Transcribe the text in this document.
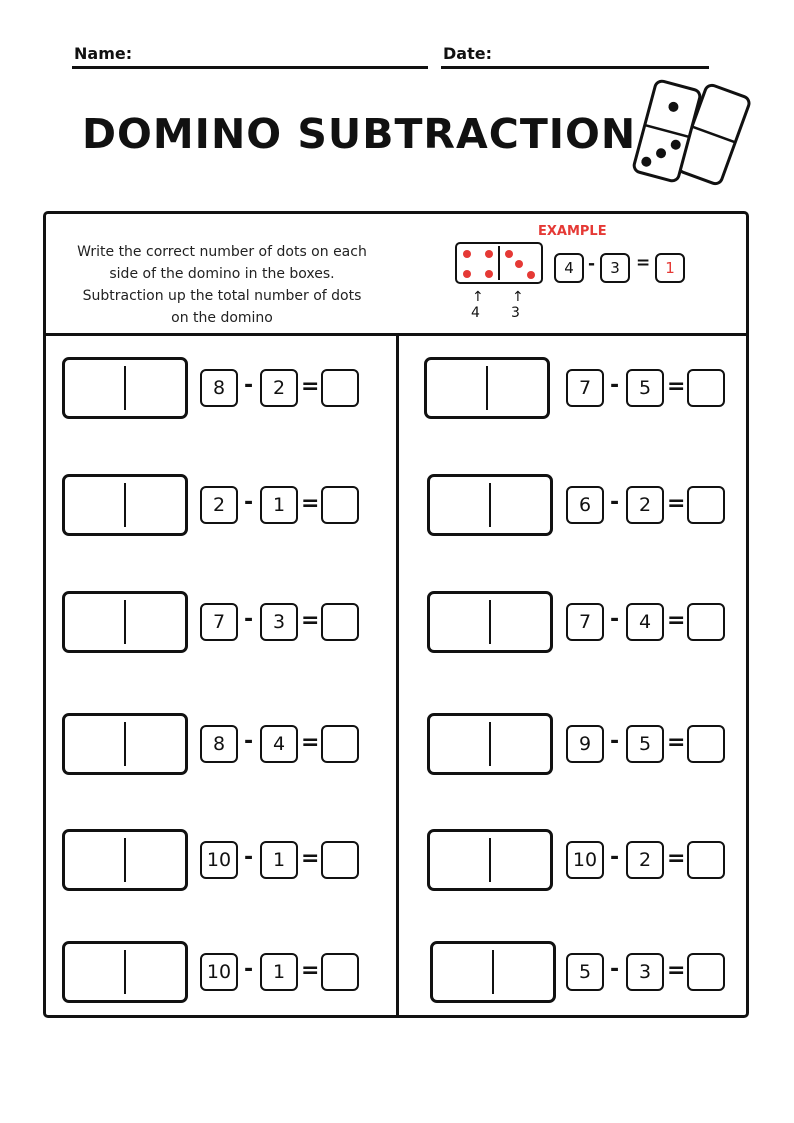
Name:	Date:
DOMINO SUBTRACTION
Write the correct number of dots on each
side of the domino in the boxes.
Subtraction up the total number of dots
on the domino
EXAMPLE
↑ ↑
4 3
4 -	3 = 1
8 -	2 =
2 -	1 =
7 -	3 =
8 -	4 =
10 -	1 =
10 -	1 =
7 -	5 =
6 -	2 =
7 -	4 =
9 -	5 =
10 -	2 =
5 -	3 =
